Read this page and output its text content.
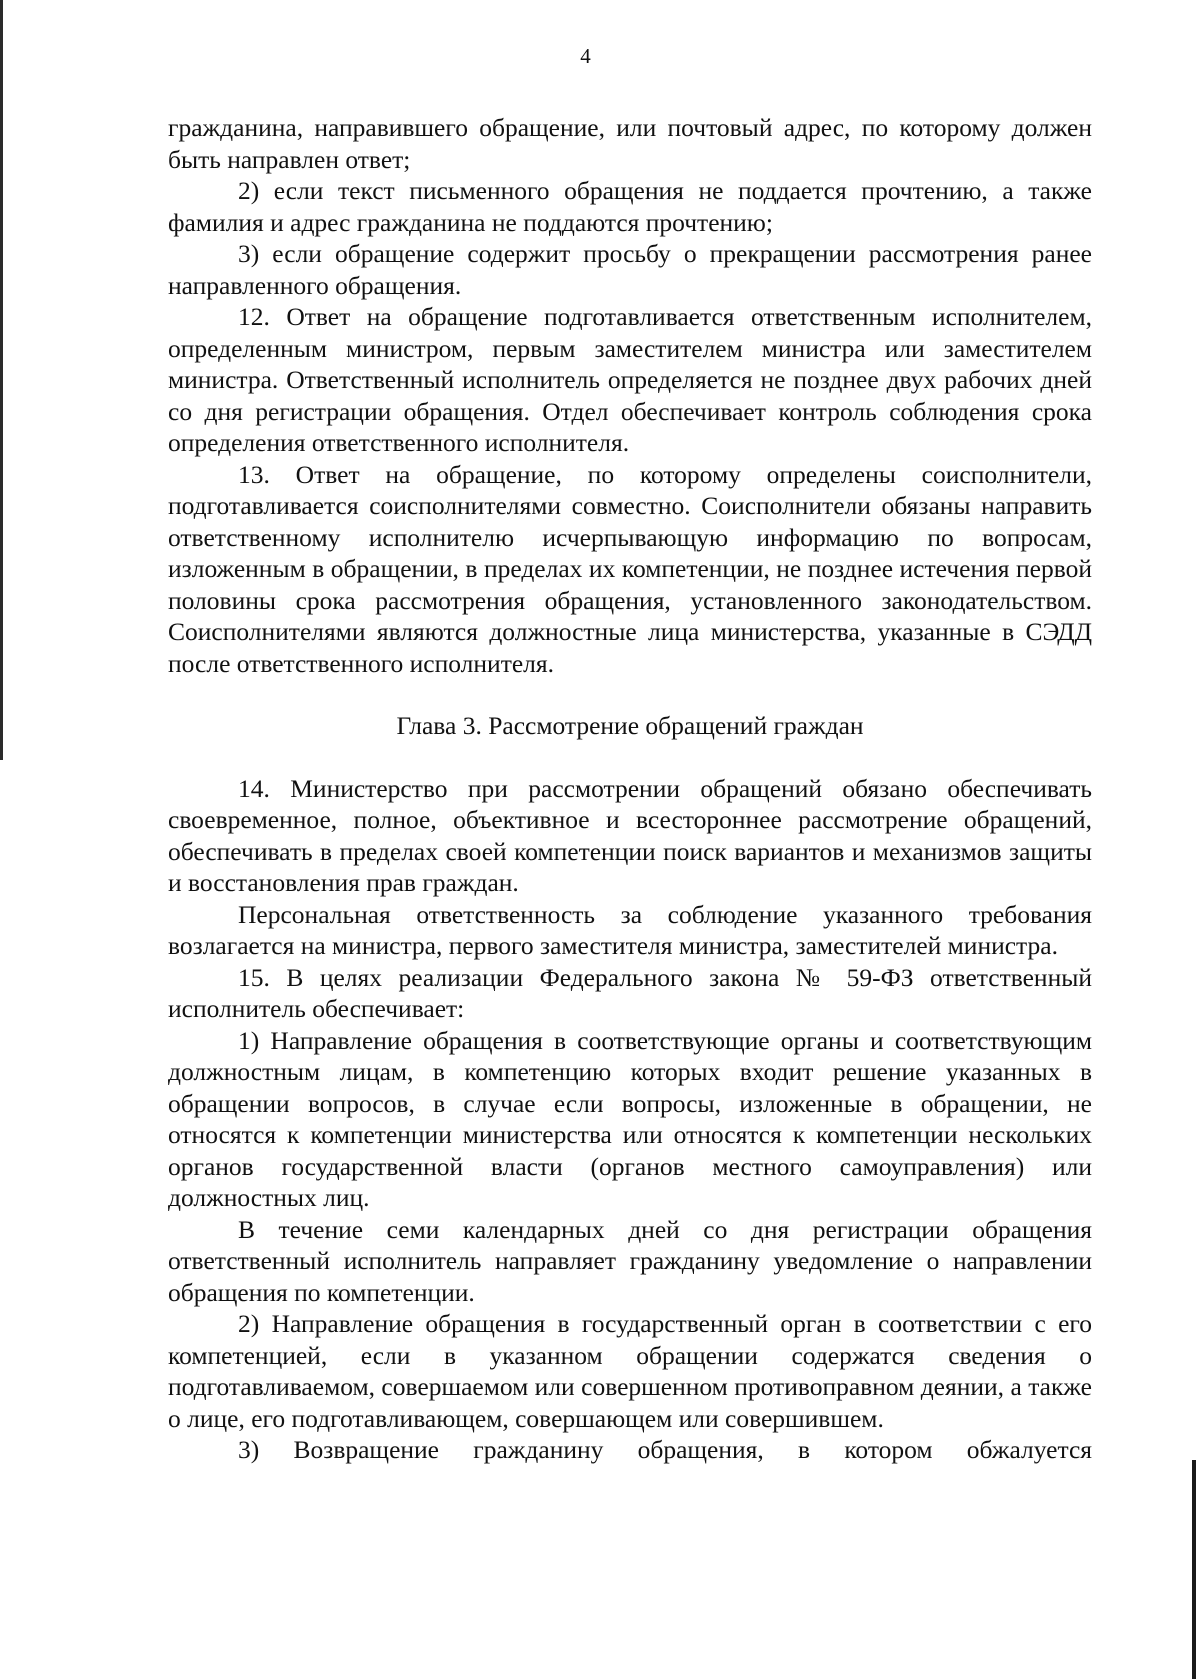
4

гражданина, направившего обращение, или почтовый адрес, по которому должен быть направлен ответ;

2) если текст письменного обращения не поддается прочтению, а также фамилия и адрес гражданина не поддаются прочтению;

3) если обращение содержит просьбу о прекращении рассмотрения ранее направленного обращения.

12. Ответ на обращение подготавливается ответственным исполнителем, определенным министром, первым заместителем министра или заместителем министра. Ответственный исполнитель определяется не позднее двух рабочих дней со дня регистрации обращения. Отдел обеспечивает контроль соблюдения срока определения ответственного исполнителя.

13. Ответ на обращение, по которому определены соисполнители, подготавливается соисполнителями совместно. Соисполнители обязаны направить ответственному исполнителю исчерпывающую информацию по вопросам, изложенным в обращении, в пределах их компетенции, не позднее истечения первой половины срока рассмотрения обращения, установленного законодательством. Соисполнителями являются должностные лица министерства, указанные в СЭДД после ответственного исполнителя.

Глава 3. Рассмотрение обращений граждан

14. Министерство при рассмотрении обращений обязано обеспечивать своевременное, полное, объективное и всестороннее рассмотрение обращений, обеспечивать в пределах своей компетенции поиск вариантов и механизмов защиты и восстановления прав граждан.

Персональная ответственность за соблюдение указанного требования возлагается на министра, первого заместителя министра, заместителей министра.

15. В целях реализации Федерального закона № 59-ФЗ ответственный исполнитель обеспечивает:

1) Направление обращения в соответствующие органы и соответствующим должностным лицам, в компетенцию которых входит решение указанных в обращении вопросов, в случае если вопросы, изложенные в обращении, не относятся к компетенции министерства или относятся к компетенции нескольких органов государственной власти (органов местного самоуправления) или должностных лиц.

В течение семи календарных дней со дня регистрации обращения ответственный исполнитель направляет гражданину уведомление о направлении обращения по компетенции.

2) Направление обращения в государственный орган в соответствии с его компетенцией, если в указанном обращении содержатся сведения о подготавливаемом, совершаемом или совершенном противоправном деянии, а также о лице, его подготавливающем, совершающем или совершившем.

3) Возвращение гражданину обращения, в котором обжалуется
